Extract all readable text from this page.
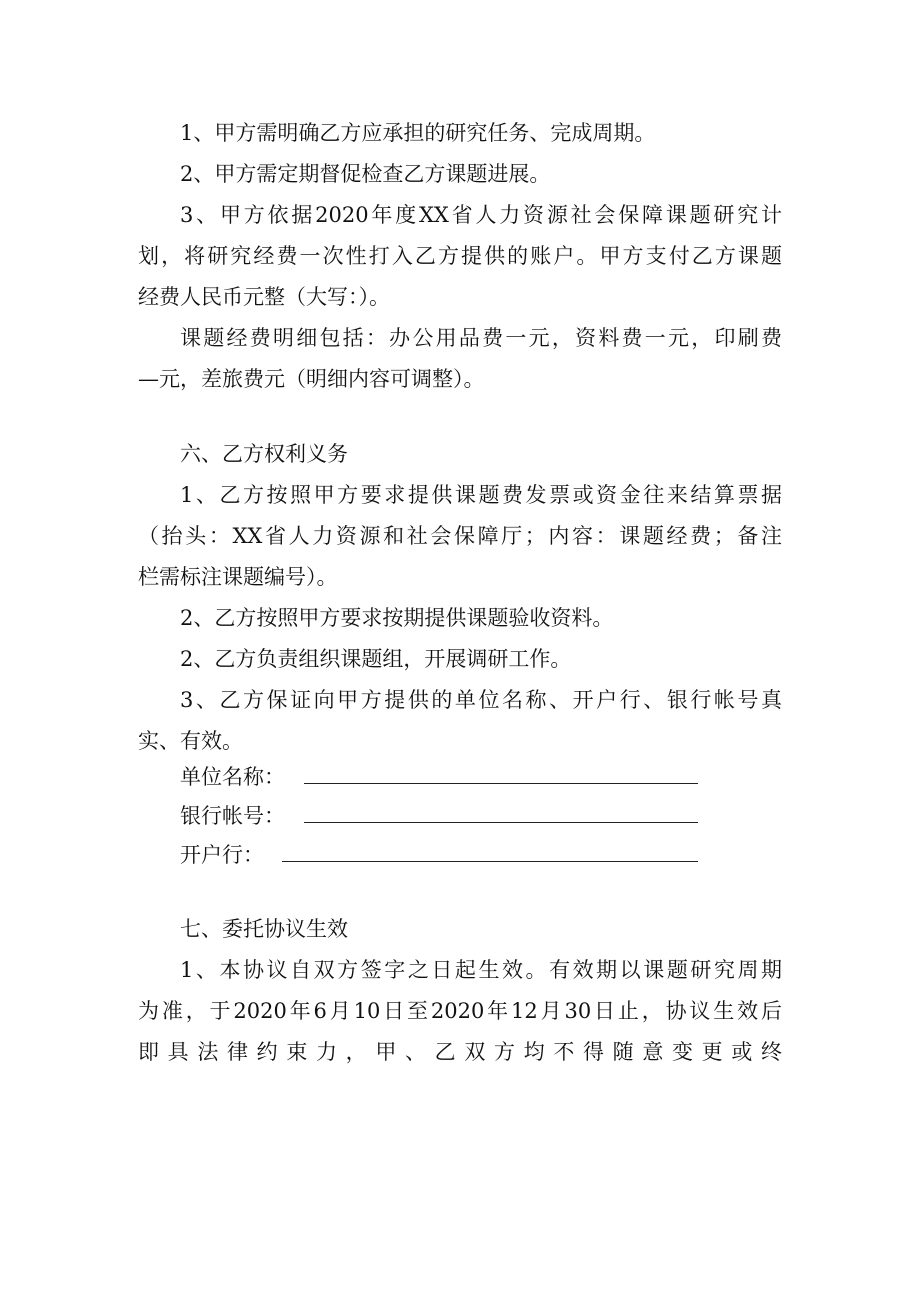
1、甲方需明确乙方应承担的研究任务、完成周期。
2、甲方需定期督促检查乙方课题进展。
3、甲方依据2020年度XX省人力资源社会保障课题研究计
划，将研究经费一次性打入乙方提供的账户。甲方支付乙方课题
经费人民币元整（大写：）。
课题经费明细包括：办公用品费一元，资料费一元，印刷费
—元，差旅费元（明细内容可调整）。
六、乙方权利义务
1、乙方按照甲方要求提供课题费发票或资金往来结算票据
（抬头：XX省人力资源和社会保障厅；内容：课题经费；备注
栏需标注课题编号）。
2、乙方按照甲方要求按期提供课题验收资料。
2、乙方负责组织课题组，开展调研工作。
3、乙方保证向甲方提供的单位名称、开户行、银行帐号真
实、有效。
单位名称：
银行帐号：
开户行：
七、委托协议生效
1、本协议自双方签字之日起生效。有效期以课题研究周期
为准，于2020年6月10日至2020年12月30日止，协议生效后
即具法律约束力，甲、乙双方均不得随意变更或终
